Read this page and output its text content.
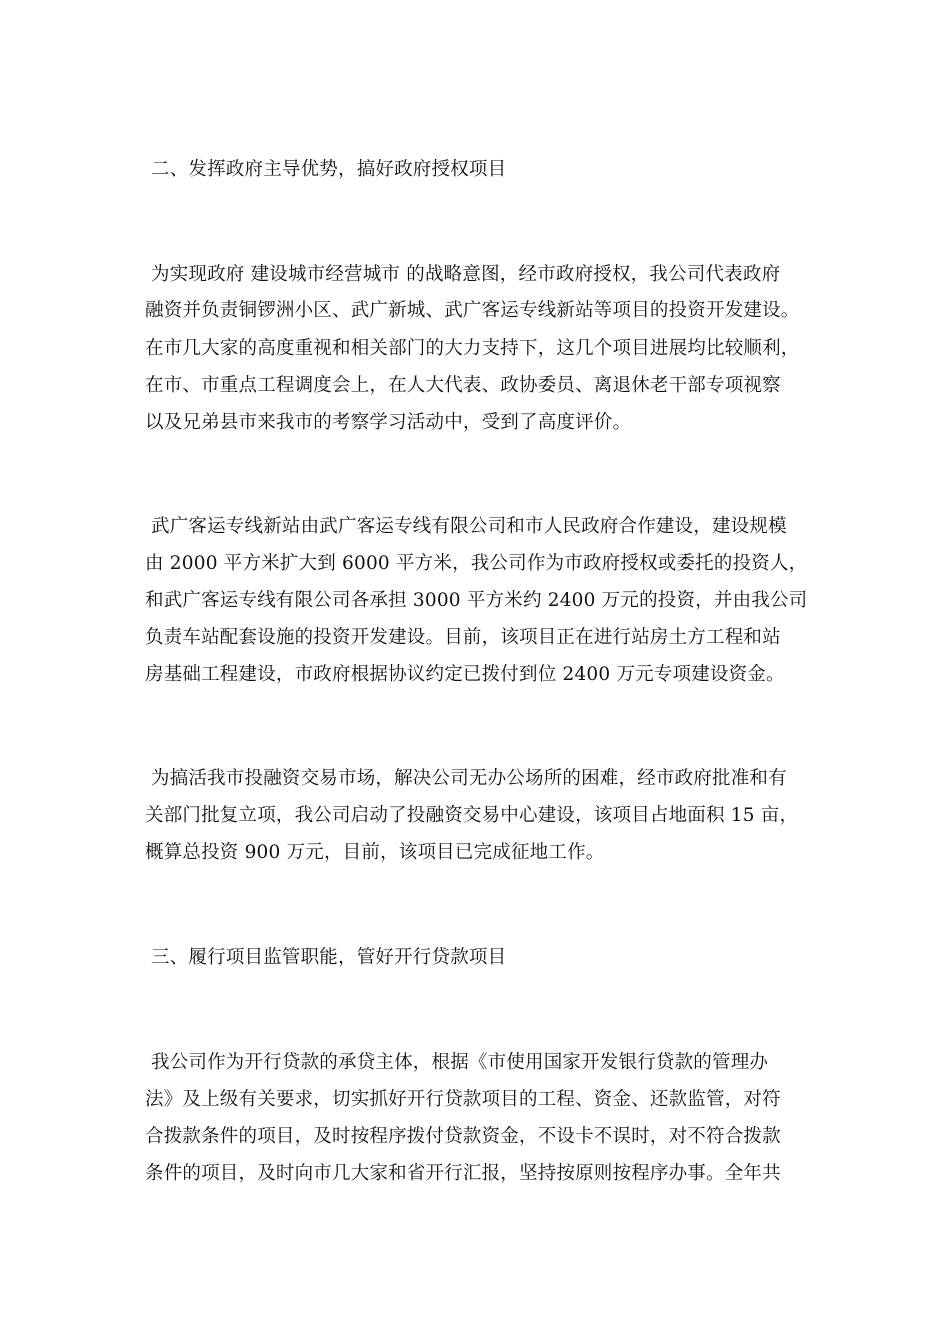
二、发挥政府主导优势，搞好政府授权项目
为实现政府 建设城市经营城市 的战略意图，经市政府授权，我公司代表政府
融资并负责铜锣洲小区、武广新城、武广客运专线新站等项目的投资开发建设。
在市几大家的高度重视和相关部门的大力支持下，这几个项目进展均比较顺利，
在市、市重点工程调度会上，在人大代表、政协委员、离退休老干部专项视察
以及兄弟县市来我市的考察学习活动中，受到了高度评价。
武广客运专线新站由武广客运专线有限公司和市人民政府合作建设，建设规模
由 2000 平方米扩大到 6000 平方米，我公司作为市政府授权或委托的投资人，
和武广客运专线有限公司各承担 3000 平方米约 2400 万元的投资，并由我公司
负责车站配套设施的投资开发建设。目前，该项目正在进行站房土方工程和站
房基础工程建设，市政府根据协议约定已拨付到位 2400 万元专项建设资金。
为搞活我市投融资交易市场，解决公司无办公场所的困难，经市政府批准和有
关部门批复立项，我公司启动了投融资交易中心建设，该项目占地面积 15 亩，
概算总投资 900 万元，目前，该项目已完成征地工作。
三、履行项目监管职能，管好开行贷款项目
我公司作为开行贷款的承贷主体，根据《市使用国家开发银行贷款的管理办
法》及上级有关要求，切实抓好开行贷款项目的工程、资金、还款监管，对符
合拨款条件的项目，及时按程序拨付贷款资金，不设卡不误时，对不符合拨款
条件的项目，及时向市几大家和省开行汇报，坚持按原则按程序办事。全年共
